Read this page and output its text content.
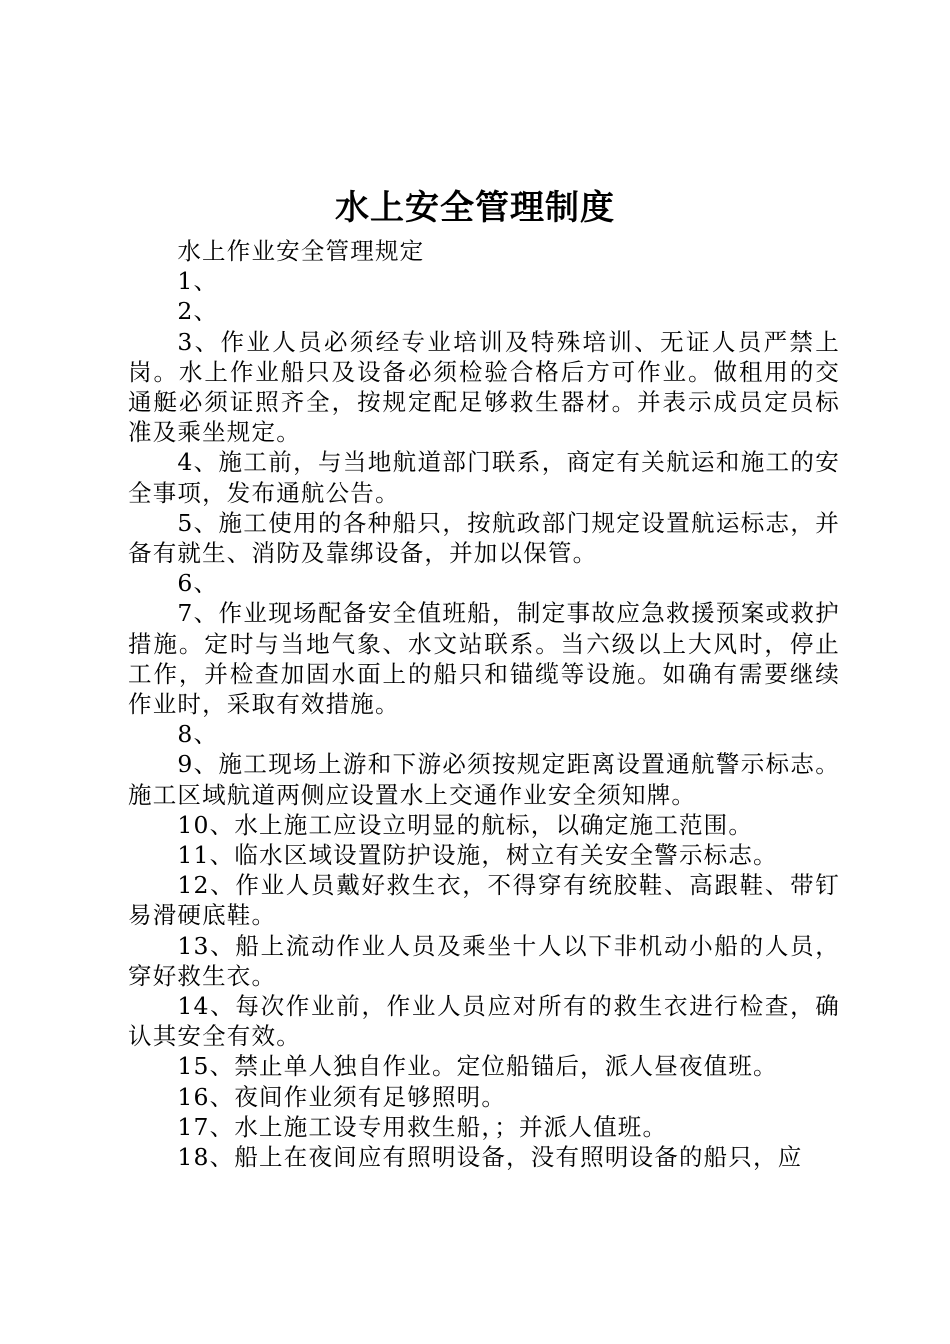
水上安全管理制度

水上作业安全管理规定

1、

2、

3、作业人员必须经专业培训及特殊培训、无证人员严禁上岗。水上作业船只及设备必须检验合格后方可作业。做租用的交通艇必须证照齐全，按规定配足够救生器材。并表示成员定员标准及乘坐规定。

4、施工前，与当地航道部门联系，商定有关航运和施工的安全事项，发布通航公告。

5、施工使用的各种船只，按航政部门规定设置航运标志，并备有就生、消防及靠绑设备，并加以保管。

6、

7、作业现场配备安全值班船，制定事故应急救援预案或救护措施。定时与当地气象、水文站联系。当六级以上大风时，停止工作，并检查加固水面上的船只和锚缆等设施。如确有需要继续作业时，采取有效措施。

8、

9、施工现场上游和下游必须按规定距离设置通航警示标志。施工区域航道两侧应设置水上交通作业安全须知牌。

10、水上施工应设立明显的航标，以确定施工范围。

11、临水区域设置防护设施，树立有关安全警示标志。

12、作业人员戴好救生衣，不得穿有统胶鞋、高跟鞋、带钉易滑硬底鞋。

13、船上流动作业人员及乘坐十人以下非机动小船的人员，穿好救生衣。

14、每次作业前，作业人员应对所有的救生衣进行检查，确认其安全有效。

15、禁止单人独自作业。定位船锚后，派人昼夜值班。

16、夜间作业须有足够照明。

17、水上施工设专用救生船，；并派人值班。

18、船上在夜间应有照明设备，没有照明设备的船只，应
